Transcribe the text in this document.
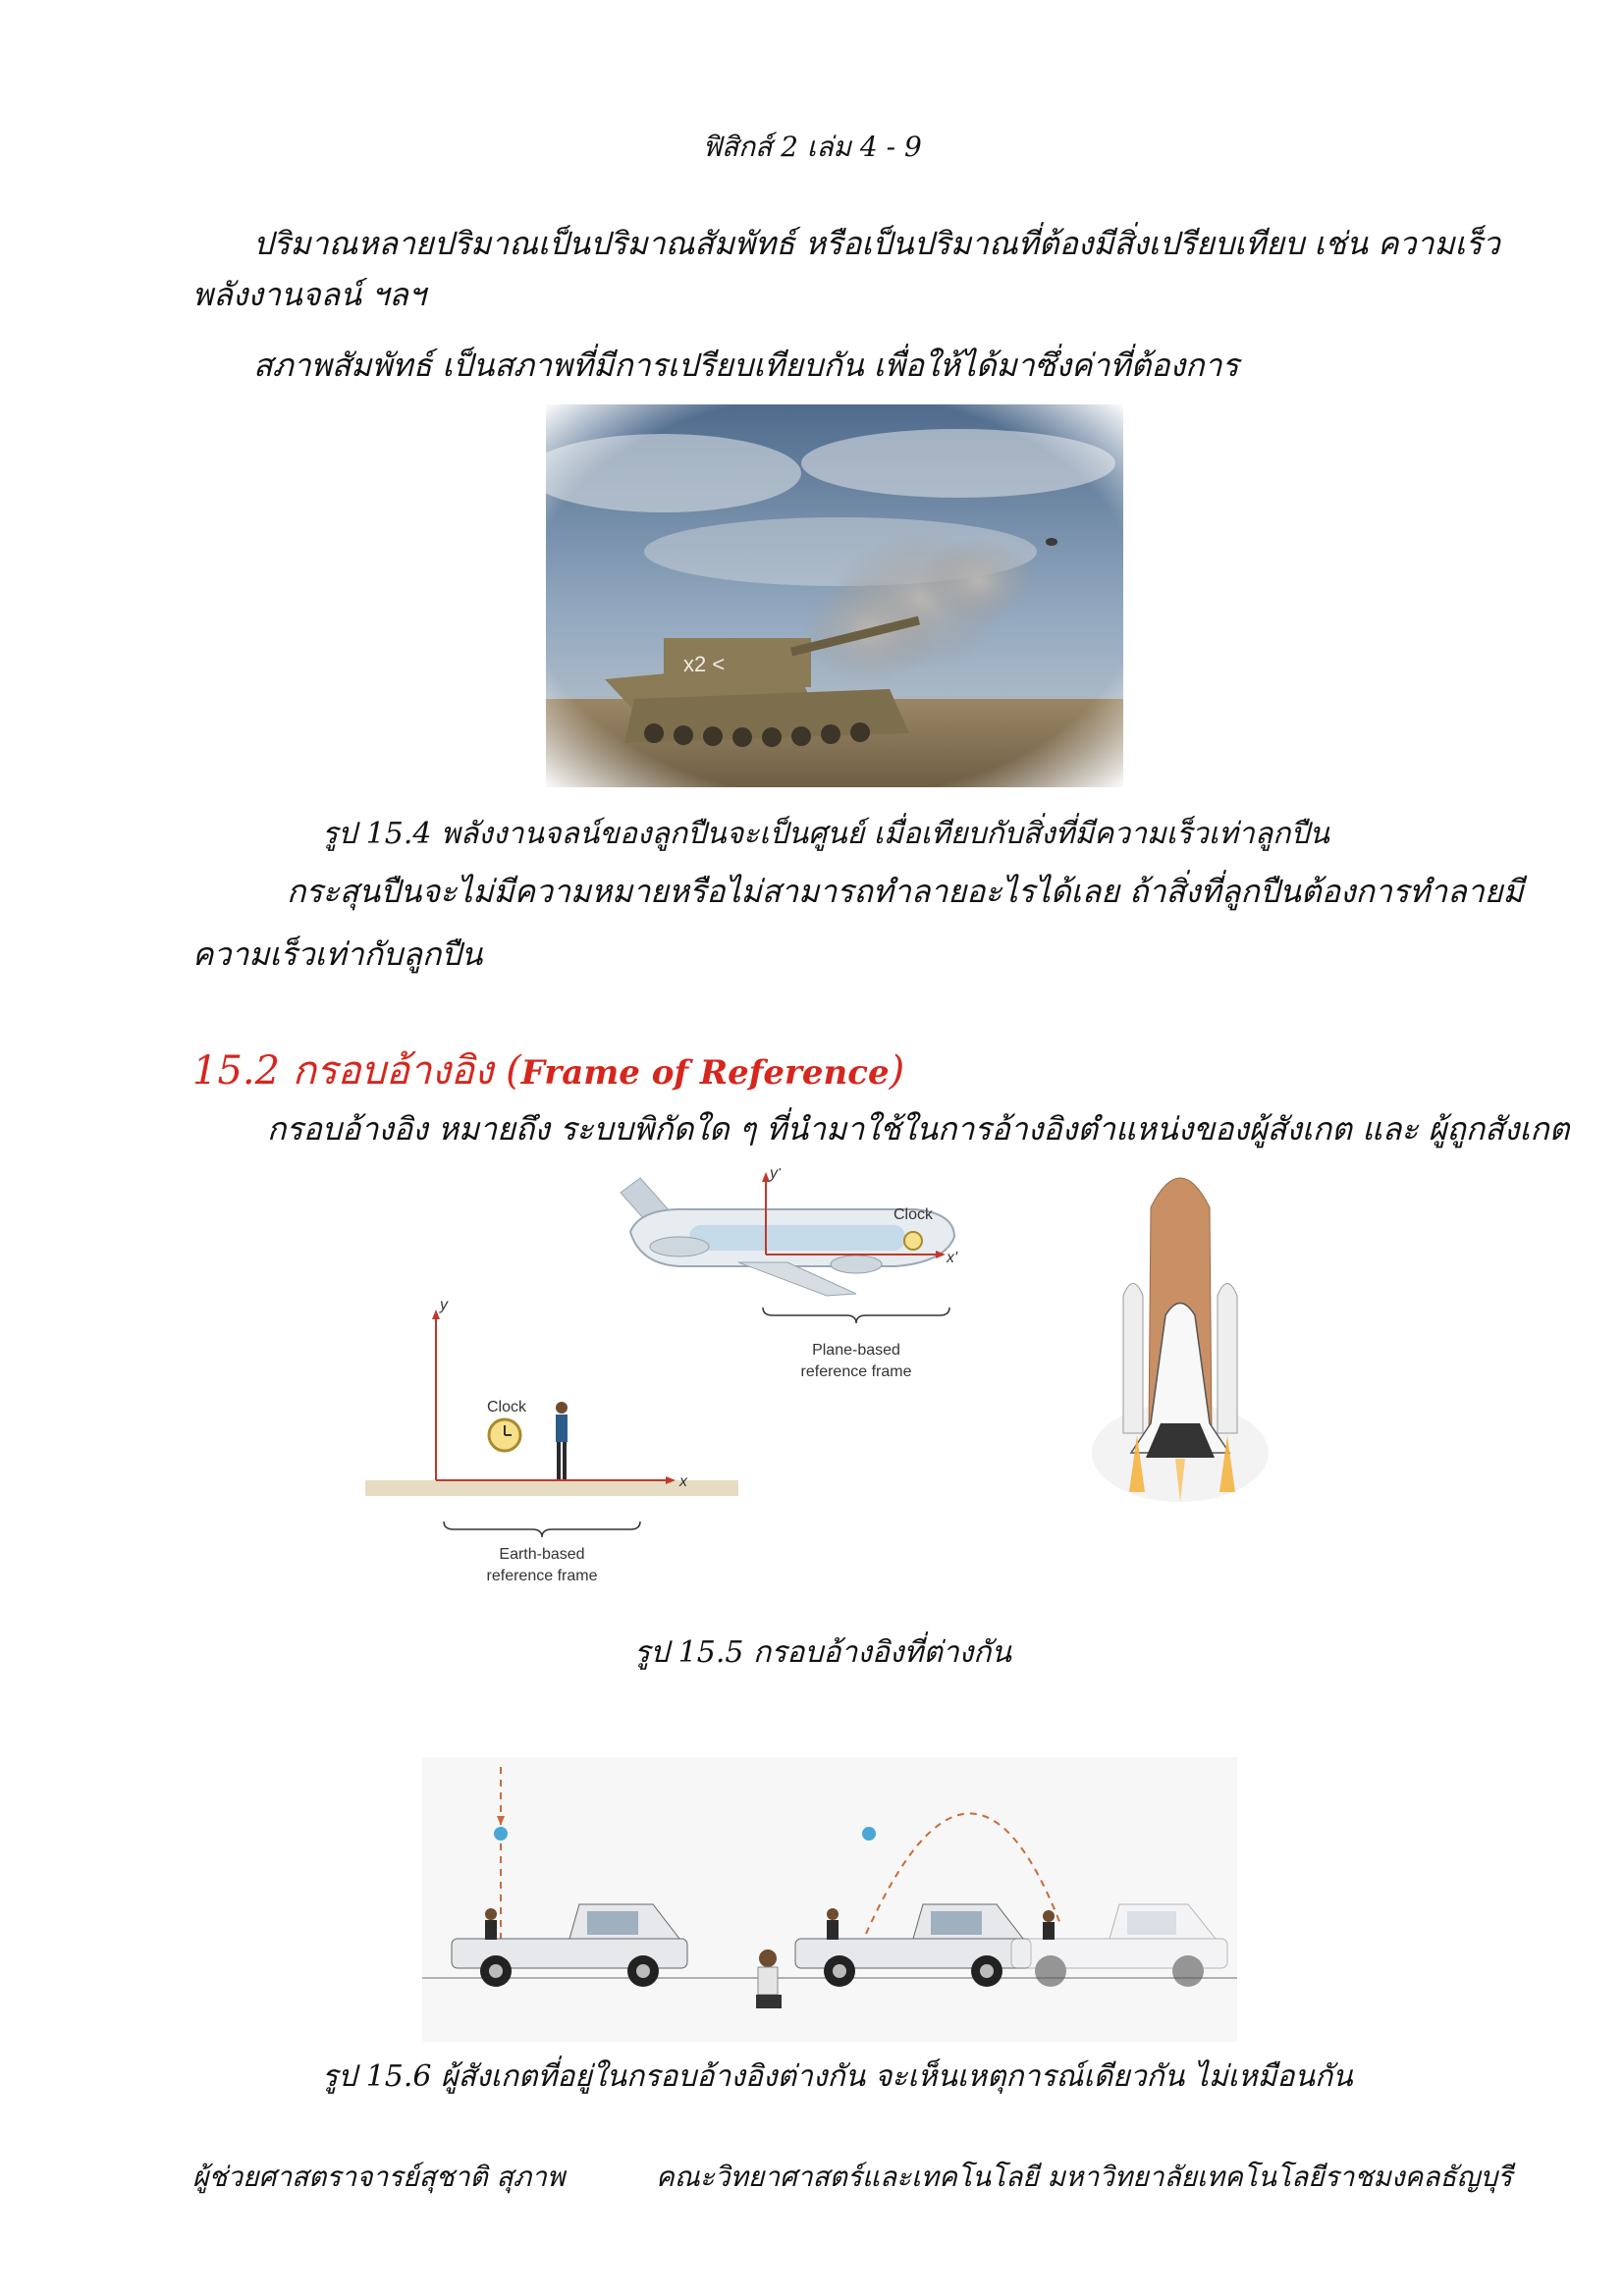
ฟิสิกส์ 2 เล่ม 4 - 9
ปริมาณหลายปริมาณเป็นปริมาณสัมพัทธ์ หรือเป็นปริมาณที่ต้องมีสิ่งเปรียบเทียบ เช่น ความเร็ว
พลังงานจลน์ ฯลฯ
สภาพสัมพัทธ์ เป็นสภาพที่มีการเปรียบเทียบกัน เพื่อให้ได้มาซึ่งค่าที่ต้องการ
รูป 15.4 พลังงานจลน์ของลูกปืนจะเป็นศูนย์ เมื่อเทียบกับสิ่งที่มีความเร็วเท่าลูกปืน
กระสุนปืนจะไม่มีความหมายหรือไม่สามารถทำลายอะไรได้เลย ถ้าสิ่งที่ลูกปืนต้องการทำลายมี
ความเร็วเท่ากับลูกปืน
15.2 กรอบอ้างอิง (Frame of Reference)
กรอบอ้างอิง หมายถึง ระบบพิกัดใด ๆ ที่นำมาใช้ในการอ้างอิงตำแหน่งของผู้สังเกต และ ผู้ถูกสังเกต
y'
x'
Clock
Plane-based
reference frame
y
x
Clock
Earth-based
reference frame
รูป 15.5 กรอบอ้างอิงที่ต่างกัน
รูป 15.6 ผู้สังเกตที่อยู่ในกรอบอ้างอิงต่างกัน จะเห็นเหตุการณ์เดียวกัน ไม่เหมือนกัน
ผู้ช่วยศาสตราจารย์สุชาติ สุภาพ	คณะวิทยาศาสตร์และเทคโนโลยี มหาวิทยาลัยเทคโนโลยีราชมงคลธัญบุรี
